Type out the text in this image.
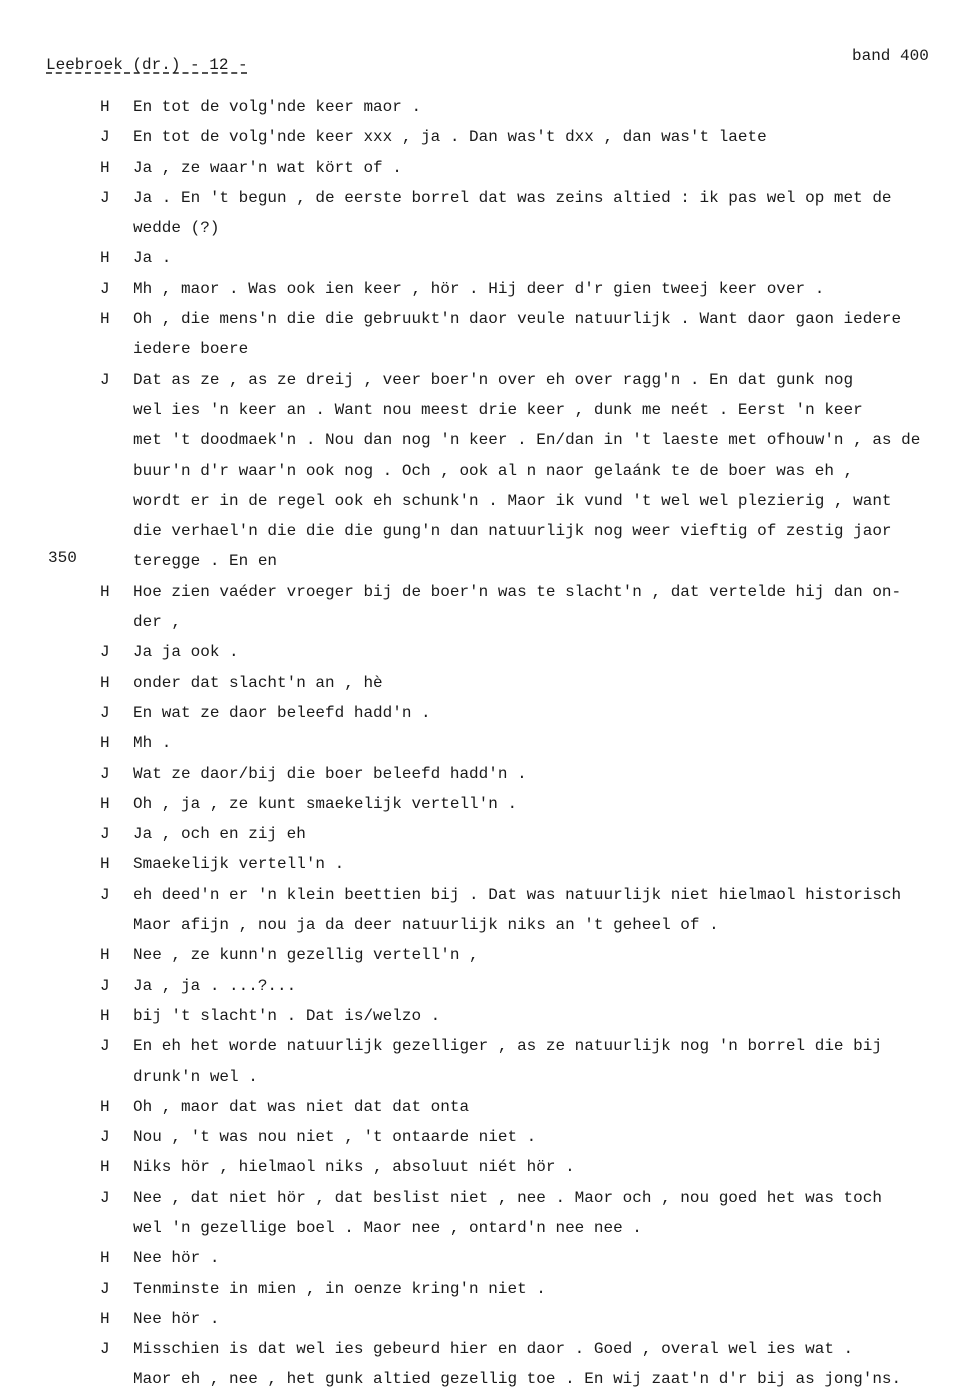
Leebroek (dr.) - 12 -	band 400
350
H	En tot de volg'nde keer maor .
J	En tot de volg'nde keer xxx , ja . Dan was't dxx , dan was't laete
H	Ja , ze waar'n wat kört of .
J	Ja . En 't begun , de eerste borrel dat was zeins altied : ik pas wel op met de
wedde (?)
H	Ja .
J	Mh , maor . Was ook ien keer , hör . Hij deer d'r gien tweej keer over .
H	Oh , die mens'n die die gebruukt'n daor veule natuurlijk . Want daor gaon iedere
iedere boere
J	Dat as ze , as ze dreij , veer boer'n over eh over ragg'n . En dat gunk nog
wel ies 'n keer an . Want nou meest drie keer , dunk me neét . Eerst 'n keer
met 't doodmaek'n . Nou dan nog 'n keer . En/dan in 't laeste met ofhouw'n , as de
buur'n d'r waar'n ook nog . Och , ook al n naor gelaánk te de boer was eh ,
wordt er in de regel ook eh schunk'n . Maor ik vund 't wel wel plezierig , want
die verhael'n die die die gung'n dan natuurlijk nog weer vieftig of zestig jaor
teregge . En en
H	Hoe zien vaéder vroeger bij de boer'n was te slacht'n , dat vertelde hij dan on-
der ,
J	Ja ja ook .
H	onder dat slacht'n an , hè
J	En wat ze daor beleefd hadd'n .
H	Mh .
J	Wat ze daor/bij die boer beleefd hadd'n .
H	Oh , ja , ze kunt smaekelijk vertell'n .
J	Ja , och en zij eh
H	Smaekelijk vertell'n .
J	eh deed'n er 'n klein beettien bij . Dat was natuurlijk niet hielmaol historisch
Maor afijn , nou ja da deer natuurlijk niks an 't geheel of .
H	Nee , ze kunn'n gezellig vertell'n ,
J	Ja , ja . ...?...
H	bij 't slacht'n . Dat is/welzo .
J	En eh het worde natuurlijk gezelliger , as ze natuurlijk nog 'n borrel die bij
drunk'n wel .
H	Oh , maor dat was niet dat dat onta
J	Nou , 't was nou niet , 't ontaarde niet .
H	Niks hör , hielmaol niks , absoluut niét hör .
J	Nee , dat niet hör , dat beslist niet , nee . Maor och , nou goed het was toch
wel 'n gezellige boel . Maor nee , ontard'n nee nee .
H	Nee hör .
J	Tenminste in mien , in oenze kring'n niet .
H	Nee hör .
J	Misschien is dat wel ies gebeurd hier en daor . Goed , overal wel ies wat .
Maor eh , nee , het gunk altied gezellig toe . En wij zaat'n d'r bij as jong'ns.
